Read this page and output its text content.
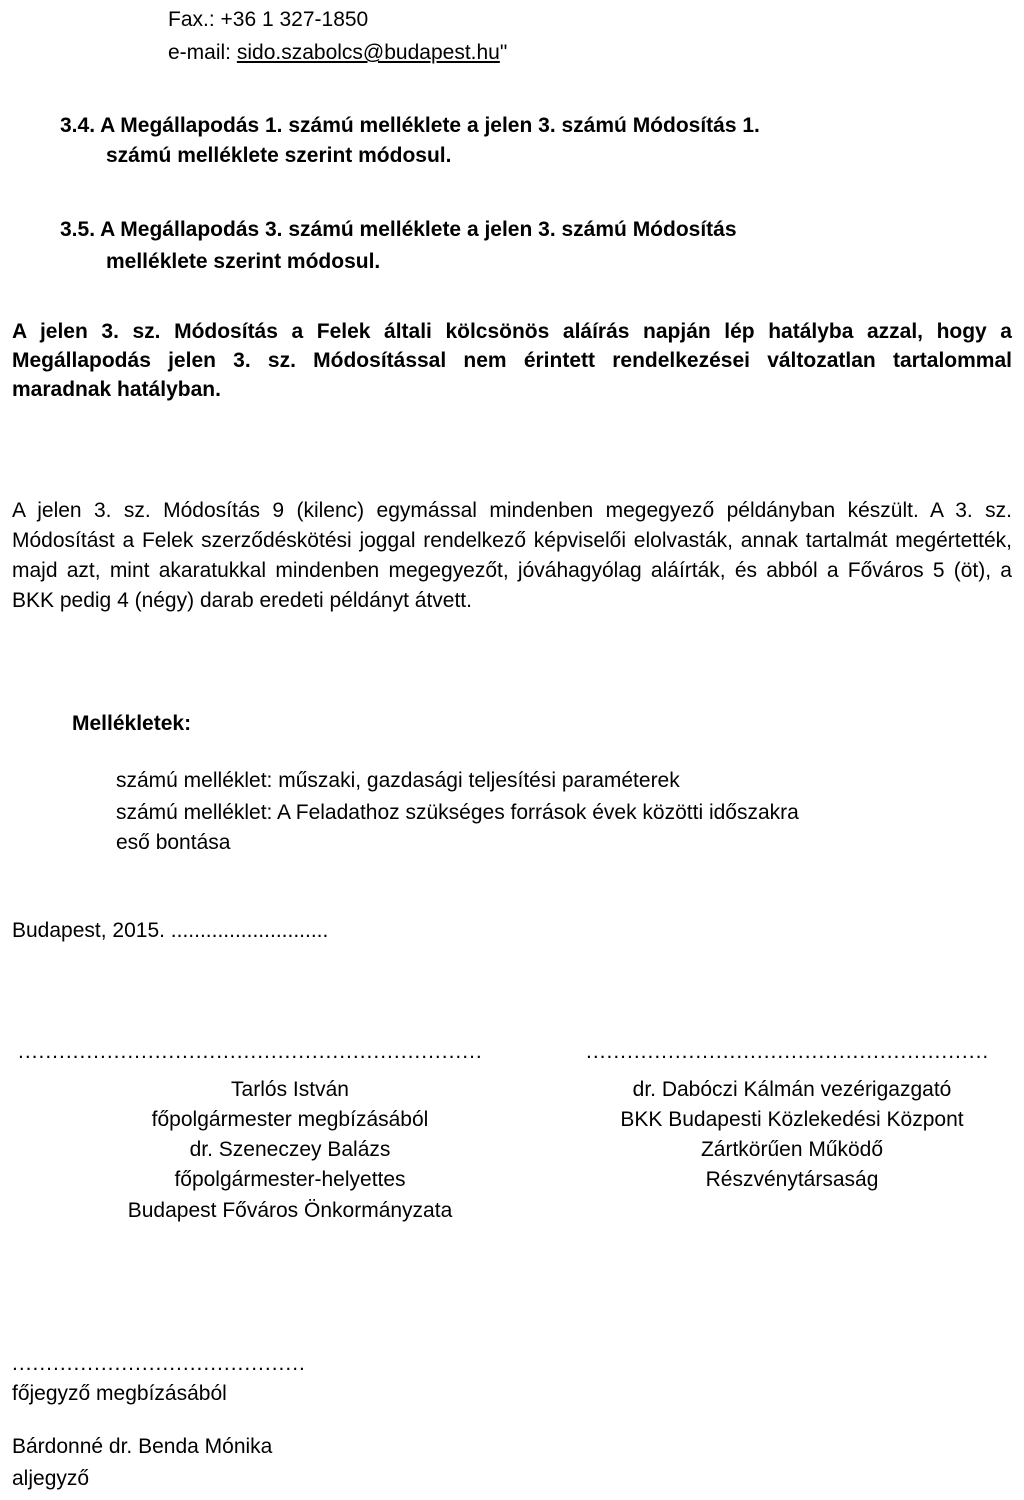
Fax.: +36 1 327-1850
e-mail: sido.szabolcs@budapest.hu"
3.4. A Megállapodás 1. számú melléklete a jelen 3. számú Módosítás 1.
számú melléklete szerint módosul.
3.5. A Megállapodás 3. számú melléklete a jelen 3. számú Módosítás
melléklete szerint módosul.
A jelen 3. sz. Módosítás a Felek általi kölcsönös aláírás napján lép hatályba azzal, hogy a Megállapodás jelen 3. sz. Módosítással nem érintett rendelkezései változatlan tartalommal maradnak hatályban.
A jelen 3. sz. Módosítás 9 (kilenc) egymással mindenben megegyező példányban készült. A 3. sz. Módosítást a Felek szerződéskötési joggal rendelkező képviselői elolvasták, annak tartalmát megértették, majd azt, mint akaratukkal mindenben megegyezőt, jóváhagyólag aláírták, és abból a Főváros 5 (öt), a BKK pedig 4 (négy) darab eredeti példányt átvett.
Mellékletek:
számú melléklet: műszaki, gazdasági teljesítési paraméterek
számú melléklet: A Feladathoz szükséges források évek közötti időszakra
eső bontása
Budapest, 2015. ...........................
....................................................................	...........................................................
Tarlós István
főpolgármester megbízásából
dr. Szeneczey Balázs
főpolgármester-helyettes
Budapest Főváros Önkormányzata
dr. Dabóczi Kálmán vezérigazgató
BKK Budapesti Közlekedési Központ
Zártkörűen Működő
Részvénytársaság
...........................................
főjegyző megbízásából
Bárdonné dr. Benda Mónika
aljegyző
